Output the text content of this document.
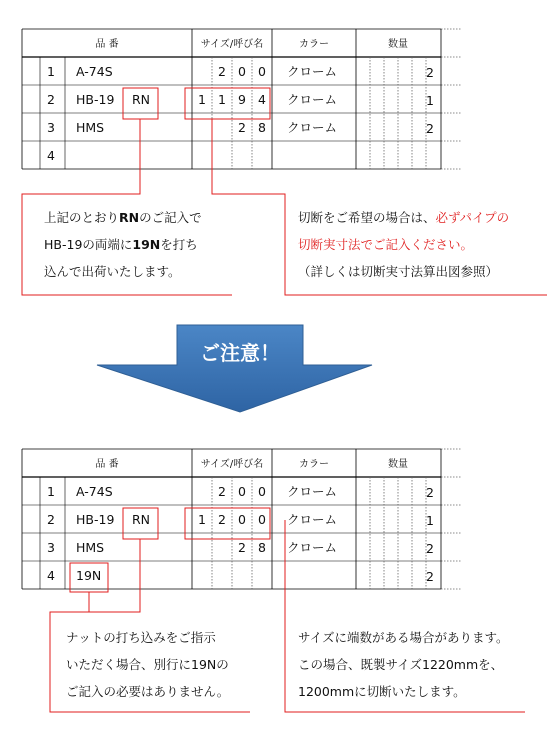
品 番	サイズ/呼び名	カラー	数量
1 A-74S	2 0 0 クローム	2
2 HB-19 RN	1 1 9 4 クローム	1
3 HMS	2 8 クローム	2
4
上記のとおりRNのご記入で
HB-19の両端に19Nを打ち
込んで出荷いたします。
切断をご希望の場合は、必ずパイプの
切断実寸法でご記入ください。
（詳しくは切断実寸法算出図参照）
ご注意！
品 番	サイズ/呼び名	カラー	数量
1 A-74S	2 0 0 クローム	2
2 HB-19 RN	1 2 0 0 クローム	1
3 HMS	2 8 クローム	2
4 19N	2
ナットの打ち込みをご指示
いただく場合、別行に19Nの
ご記入の必要はありません。
サイズに端数がある場合があります。
この場合、既製サイズ1220mmを、
1200mmに切断いたします。
